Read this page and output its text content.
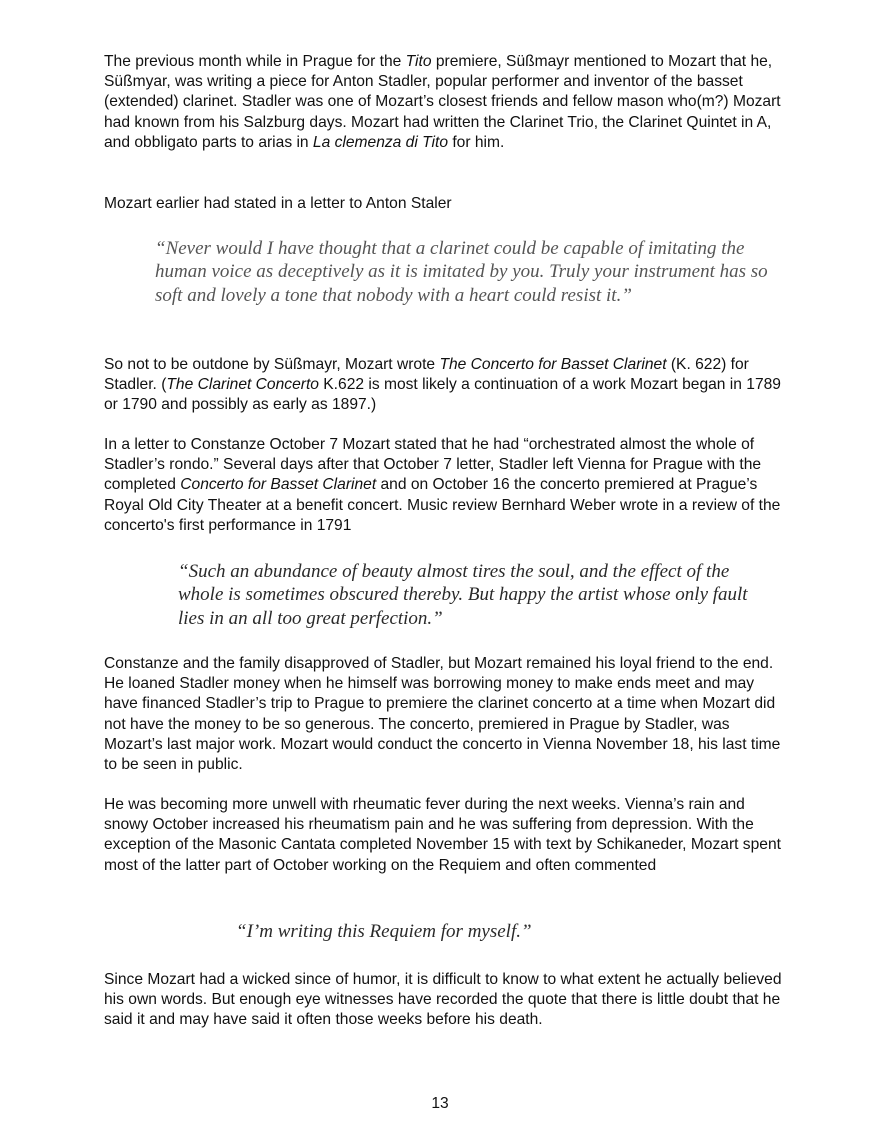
The previous month while in Prague for the Tito premiere, Süßmayr mentioned to Mozart that he, Süßmyar, was writing a piece for Anton Stadler, popular performer and inventor of the basset (extended) clarinet. Stadler was one of Mozart’s closest friends and fellow mason who(m?) Mozart had known from his Salzburg days. Mozart had written the Clarinet Trio, the Clarinet Quintet in A, and obbligato parts to arias in La clemenza di Tito for him.

Mozart earlier had stated in a letter to Anton Staler

“Never would I have thought that a clarinet could be capable of imitating the human voice as deceptively as it is imitated by you. Truly your instrument has so soft and lovely a tone that nobody with a heart could resist it.”

So not to be outdone by Süßmayr, Mozart wrote The Concerto for Basset Clarinet (K. 622) for Stadler. (The Clarinet Concerto K.622 is most likely a continuation of a work Mozart began in 1789 or 1790 and possibly as early as 1897.)

In a letter to Constanze October 7 Mozart stated that he had “orchestrated almost the whole of Stadler’s rondo.” Several days after that October 7 letter, Stadler left Vienna for Prague with the completed Concerto for Basset Clarinet and on October 16 the concerto premiered at Prague’s Royal Old City Theater at a benefit concert. Music review Bernhard Weber wrote in a review of the concerto's first performance in 1791

“Such an abundance of beauty almost tires the soul, and the effect of the whole is sometimes obscured thereby. But happy the artist whose only fault lies in an all too great perfection.”

Constanze and the family disapproved of Stadler, but Mozart remained his loyal friend to the end. He loaned Stadler money when he himself was borrowing money to make ends meet and may have financed Stadler’s trip to Prague to premiere the clarinet concerto at a time when Mozart did not have the money to be so generous. The concerto, premiered in Prague by Stadler, was Mozart’s last major work. Mozart would conduct the concerto in Vienna November 18, his last time to be seen in public.

He was becoming more unwell with rheumatic fever during the next weeks. Vienna’s rain and snowy October increased his rheumatism pain and he was suffering from depression. With the exception of the Masonic Cantata completed November 15 with text by Schikaneder, Mozart spent most of the latter part of October working on the Requiem and often commented

“I’m writing this Requiem for myself.”

Since Mozart had a wicked since of humor, it is difficult to know to what extent he actually believed his own words. But enough eye witnesses have recorded the quote that there is little doubt that he said it and may have said it often those weeks before his death.

13
